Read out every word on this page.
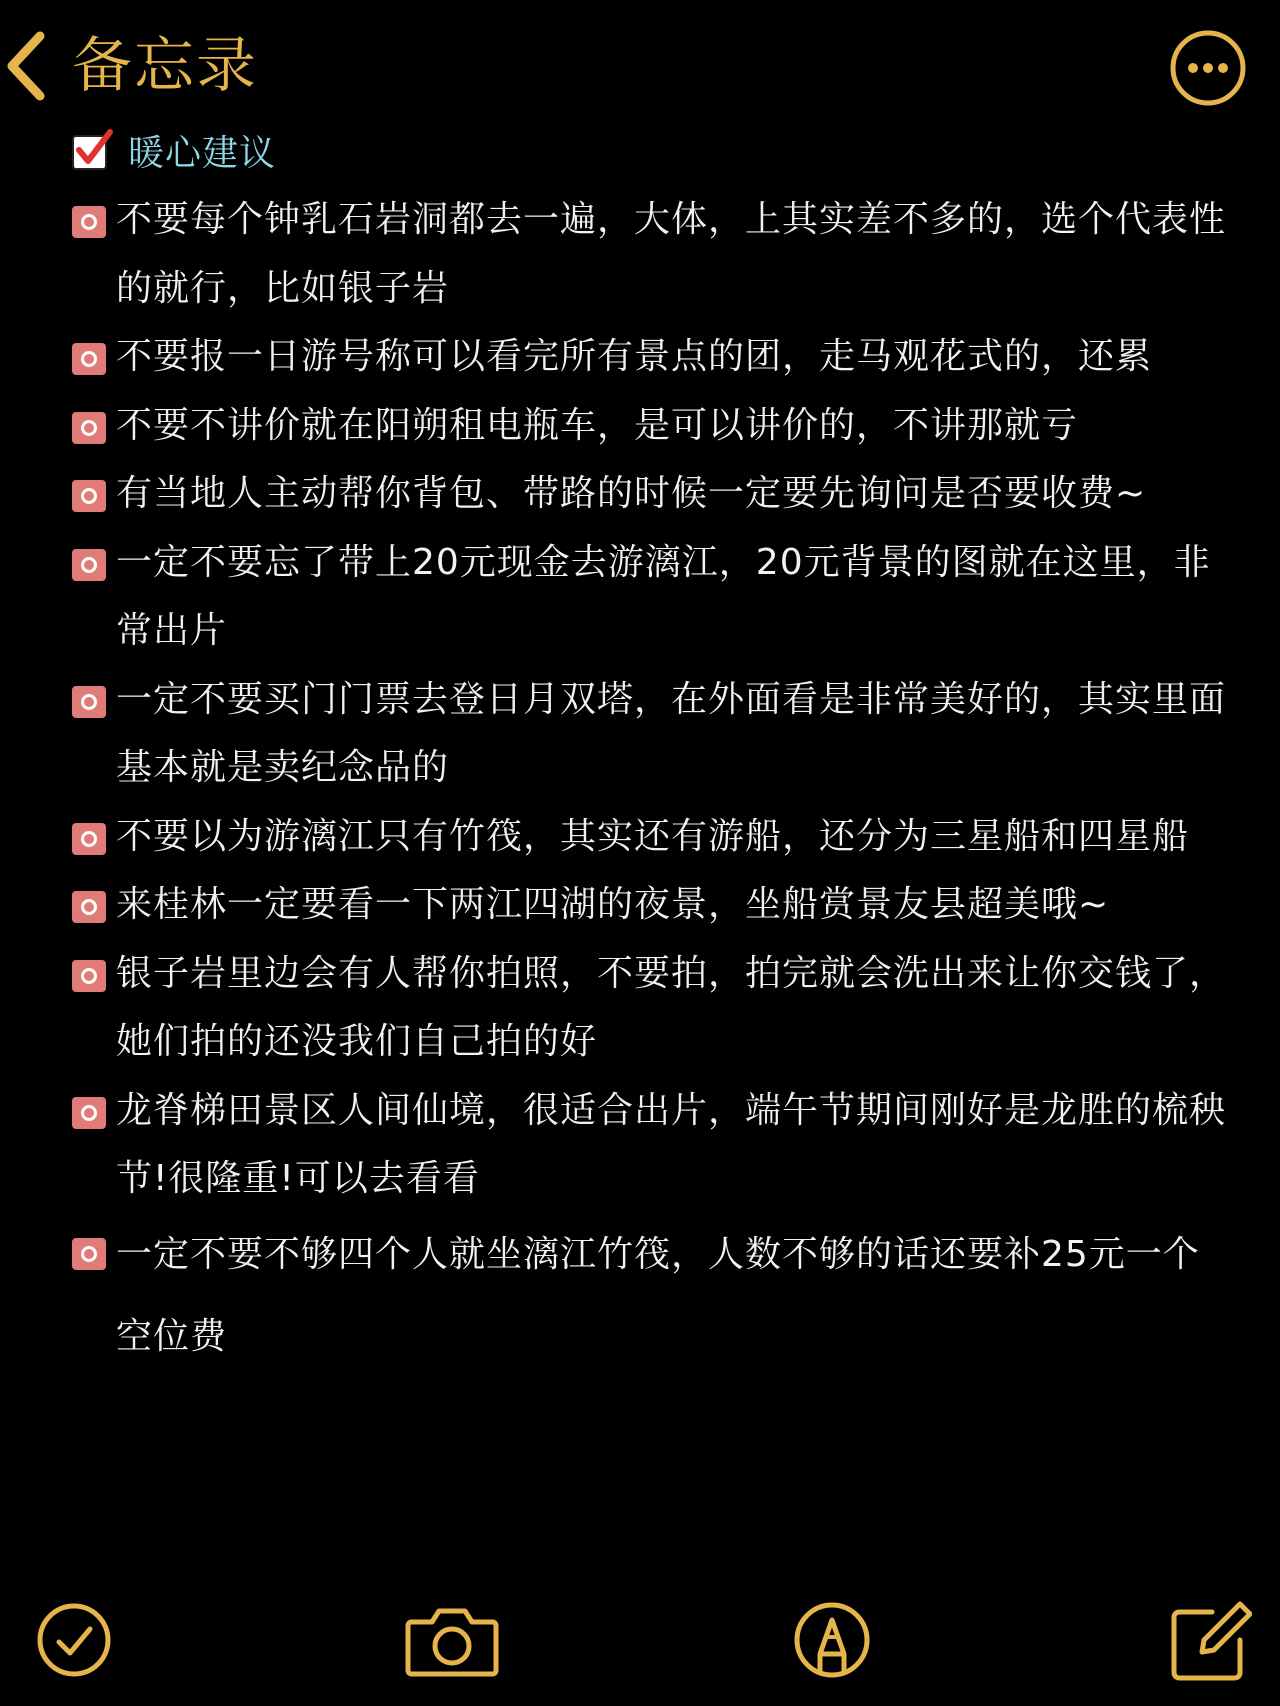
备忘录
暖心建议
不要每个钟乳石岩洞都去一遍，大体，上其实差不多的，选个代表性的就行，比如银子岩
不要报一日游号称可以看完所有景点的团，走马观花式的，还累
不要不讲价就在阳朔租电瓶车，是可以讲价的，不讲那就亏
有当地人主动帮你背包、带路的时候一定要先询问是否要收费~
一定不要忘了带上20元现金去游漓江，20元背景的图就在这里，非常出片
一定不要买门门票去登日月双塔，在外面看是非常美好的，其实里面基本就是卖纪念品的
不要以为游漓江只有竹筏，其实还有游船，还分为三星船和四星船
来桂林一定要看一下两江四湖的夜景，坐船赏景友县超美哦~
银子岩里边会有人帮你拍照，不要拍，拍完就会洗出来让你交钱了，她们拍的还没我们自己拍的好
龙脊梯田景区人间仙境，很适合出片，端午节期间刚好是龙胜的梳秧节!很隆重!可以去看看
一定不要不够四个人就坐漓江竹筏，人数不够的话还要补25元一个空位费
